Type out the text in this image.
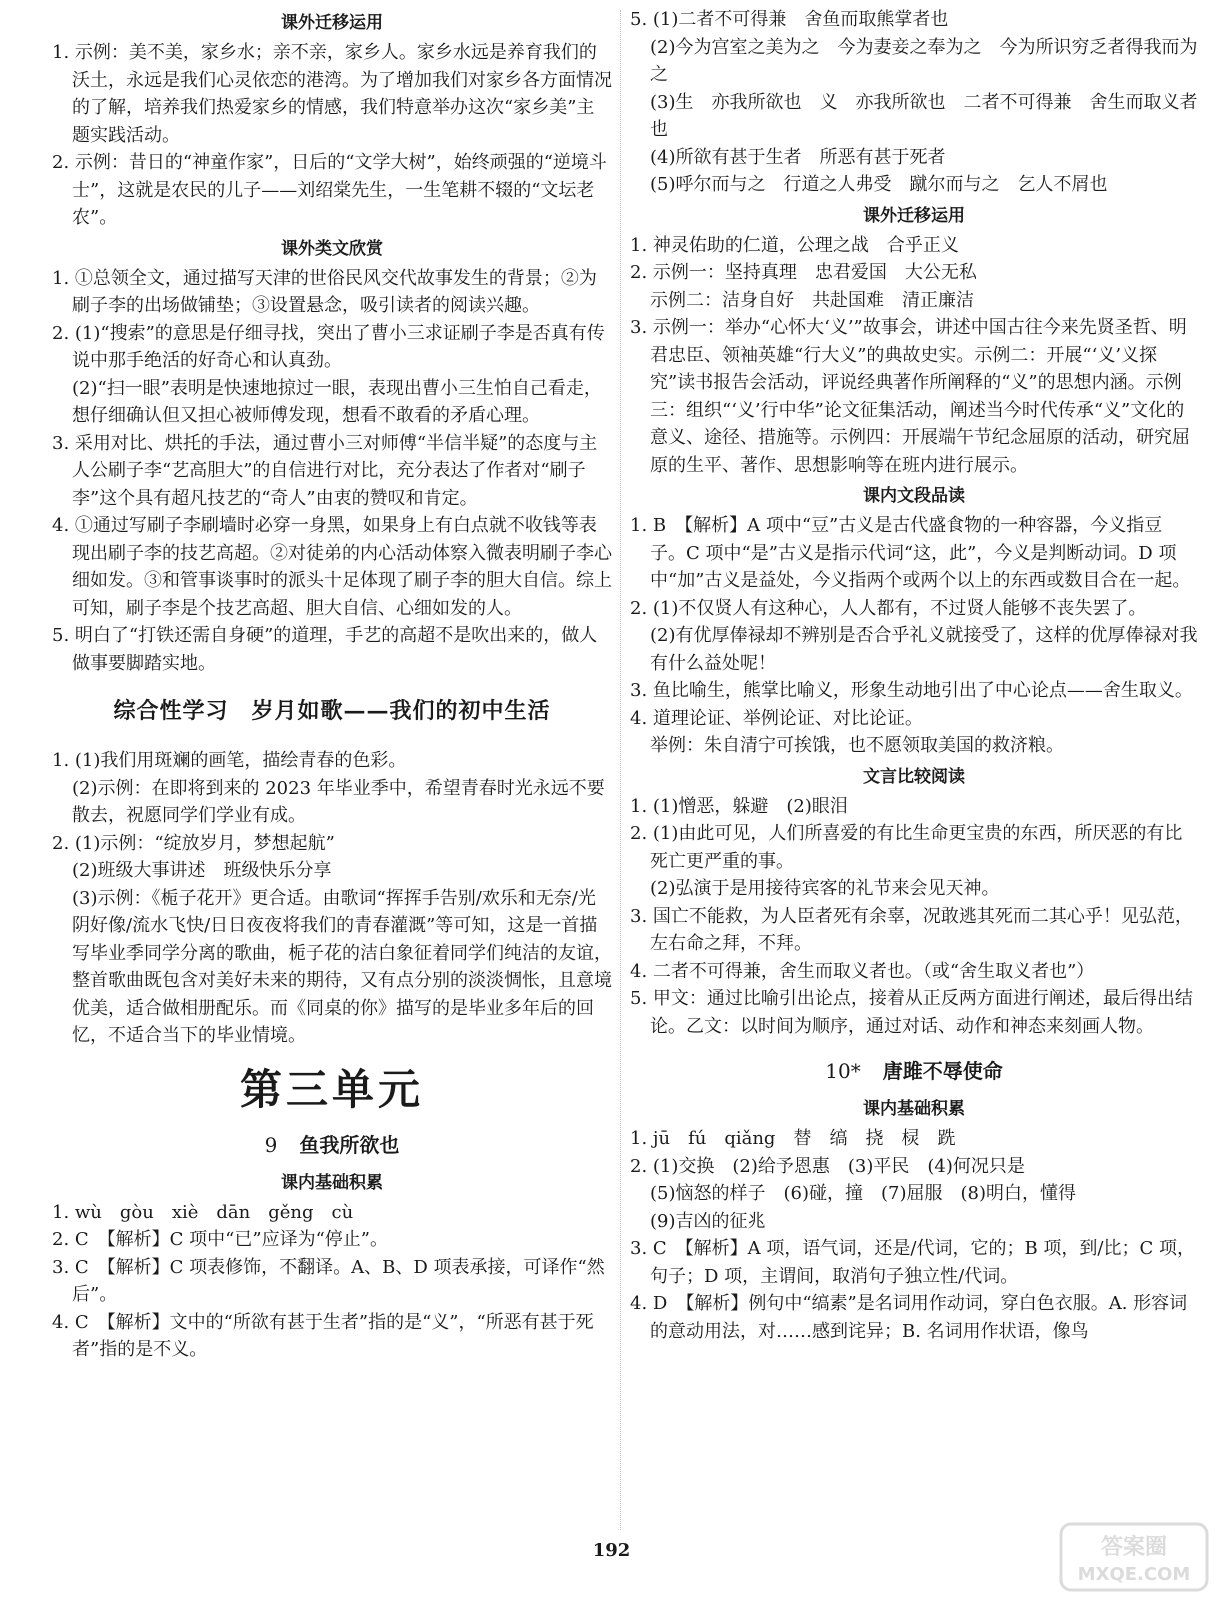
课外迁移运用

1. 示例：美不美，家乡水；亲不亲，家乡人。家乡水远是养育我们的沃土，永远是我们心灵依恋的港湾。为了增加我们对家乡各方面情况的了解，培养我们热爱家乡的情感，我们特意举办这次“家乡美”主题实践活动。

2. 示例：昔日的“神童作家”，日后的“文学大树”，始终顽强的“逆境斗士”，这就是农民的儿子——刘绍棠先生，一生笔耕不辍的“文坛老农”。

课外类文欣赏

1. ①总领全文，通过描写天津的世俗民风交代故事发生的背景；②为刷子李的出场做铺垫；③设置悬念，吸引读者的阅读兴趣。

2. (1)“搜索”的意思是仔细寻找，突出了曹小三求证刷子李是否真有传说中那手绝活的好奇心和认真劲。
(2)“扫一眼”表明是快速地掠过一眼，表现出曹小三生怕自己看走，想仔细确认但又担心被师傅发现，想看不敢看的矛盾心理。

3. 采用对比、烘托的手法，通过曹小三对师傅“半信半疑”的态度与主人公刷子李“艺高胆大”的自信进行对比，充分表达了作者对“刷子李”这个具有超凡技艺的“奇人”由衷的赞叹和肯定。

4. ①通过写刷子李刷墙时必穿一身黑，如果身上有白点就不收钱等表现出刷子李的技艺高超。②对徒弟的内心活动体察入微表明刷子李心细如发。③和管事谈事时的派头十足体现了刷子李的胆大自信。综上可知，刷子李是个技艺高超、胆大自信、心细如发的人。

5. 明白了“打铁还需自身硬”的道理，手艺的高超不是吹出来的，做人做事要脚踏实地。

综合性学习　岁月如歌——我们的初中生活

1. (1)我们用斑斓的画笔，描绘青春的色彩。
(2)示例：在即将到来的 2023 年毕业季中，希望青春时光永远不要散去，祝愿同学们学业有成。

2. (1)示例：“绽放岁月，梦想起航”
(2)班级大事讲述　班级快乐分享
(3)示例：《栀子花开》更合适。由歌词“挥挥手告别/欢乐和无奈/光阴好像/流水飞快/日日夜夜将我们的青春灌溉”等可知，这是一首描写毕业季同学分离的歌曲，栀子花的洁白象征着同学们纯洁的友谊，整首歌曲既包含对美好未来的期待，又有点分别的淡淡惆怅，且意境优美，适合做相册配乐。而《同桌的你》描写的是毕业多年后的回忆，不适合当下的毕业情境。

第三单元
9 鱼我所欲也
课内基础积累

1. wù　gòu　xiè　dān　gěng　cù

2. C　【解析】C 项中“已”应译为“停止”。

3. C　【解析】C 项表修饰，不翻译。A、B、D 项表承接，可译作“然后”。

4. C　【解析】文中的“所欲有甚于生者”指的是“义”，“所恶有甚于死者”指的是不义。

5. (1)二者不可得兼　舍鱼而取熊掌者也
(2)今为宫室之美为之　今为妻妾之奉为之　今为所识穷乏者得我而为之
(3)生　亦我所欲也　义　亦我所欲也　二者不可得兼　舍生而取义者也
(4)所欲有甚于生者　所恶有甚于死者
(5)呼尔而与之　行道之人弗受　蹴尔而与之　乞人不屑也

课外迁移运用

1. 神灵佑助的仁道，公理之战　合乎正义

2. 示例一：坚持真理　忠君爱国　大公无私
示例二：洁身自好　共赴国难　清正廉洁

3. 示例一：举办“心怀大‘义’”故事会，讲述中国古往今来先贤圣哲、明君忠臣、领袖英雄“行大义”的典故史实。示例二：开展“‘义’义探究”读书报告会活动，评说经典著作所阐释的“义”的思想内涵。示例三：组织“‘义’行中华”论文征集活动，阐述当今时代传承“义”文化的意义、途径、措施等。示例四：开展端午节纪念屈原的活动，研究屈原的生平、著作、思想影响等在班内进行展示。

课内文段品读

1. B　【解析】A 项中“豆”古义是古代盛食物的一种容器，今义指豆子。C 项中“是”古义是指示代词“这，此”，今义是判断动词。D 项中“加”古义是益处，今义指两个或两个以上的东西或数目合在一起。

2. (1)不仅贤人有这种心，人人都有，不过贤人能够不丧失罢了。
(2)有优厚俸禄却不辨别是否合乎礼义就接受了，这样的优厚俸禄对我有什么益处呢！

3. 鱼比喻生，熊掌比喻义，形象生动地引出了中心论点——舍生取义。

4. 道理论证、举例论证、对比论证。
举例：朱自清宁可挨饿，也不愿领取美国的救济粮。

文言比较阅读

1. (1)憎恶，躲避　(2)眼泪

2. (1)由此可见，人们所喜爱的有比生命更宝贵的东西，所厌恶的有比死亡更严重的事。
(2)弘演于是用接待宾客的礼节来会见天神。

3. 国亡不能救，为人臣者死有余辜，况敢逃其死而二其心乎！见弘范，左右命之拜，不拜。

4. 二者不可得兼，舍生而取义者也。（或“舍生取义者也”）

5. 甲文：通过比喻引出论点，接着从正反两方面进行阐述，最后得出结论。乙文：以时间为顺序，通过对话、动作和神态来刻画人物。

10* 唐雎不辱使命
课内基础积累

1. jū　fú　qiǎng　替　缟　挠　棂　跣

2. (1)交换　(2)给予恩惠　(3)平民　(4)何况只是
(5)恼怒的样子　(6)碰，撞　(7)屈服　(8)明白，懂得
(9)吉凶的征兆

3. C　【解析】A 项，语气词，还是/代词，它的；B 项，到/比；C 项，句子；D 项，主谓间，取消句子独立性/代词。

4. D　【解析】例句中“缟素”是名词用作动词，穿白色衣服。A. 形容词的意动用法，对……感到诧异；B. 名词用作状语，像鸟

192	答案圈
MXQE.COM
